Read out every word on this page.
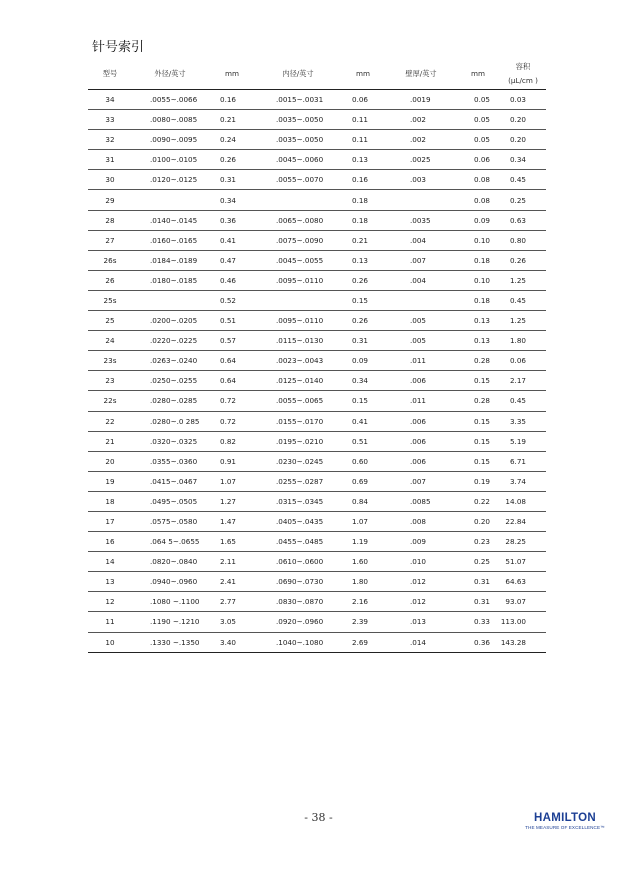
针号索引
型号	外径/英寸	mm	内径/英寸	mm	壁厚/英寸	mm	容积
(μL/cm )

34	.0055~.0066	0.16	.0015~.0031	0.06	.0019	0.05	0.03
33	.0080~.0085	0.21	.0035~.0050	0.11	.002	0.05	0.20
32	.0090~.0095	0.24	.0035~.0050	0.11	.002	0.05	0.20
31	.0100~.0105	0.26	.0045~.0060	0.13	.0025	0.06	0.34
30	.0120~.0125	0.31	.0055~.0070	0.16	.003	0.08	0.45
29		0.34		0.18		0.08	0.25
28	.0140~.0145	0.36	.0065~.0080	0.18	.0035	0.09	0.63
27	.0160~.0165	0.41	.0075~.0090	0.21	.004	0.10	0.80
26s	.0184~.0189	0.47	.0045~.0055	0.13	.007	0.18	0.26
26	.0180~.0185	0.46	.0095~.0110	0.26	.004	0.10	1.25
25s		0.52		0.15		0.18	0.45
25	.0200~.0205	0.51	.0095~.0110	0.26	.005	0.13	1.25
24	.0220~.0225	0.57	.0115~.0130	0.31	.005	0.13	1.80
23s	.0263~.0240	0.64	.0023~.0043	0.09	.011	0.28	0.06
23	.0250~.0255	0.64	.0125~.0140	0.34	.006	0.15	2.17
22s	.0280~.0285	0.72	.0055~.0065	0.15	.011	0.28	0.45
22	.0280~.0 285	0.72	.0155~.0170	0.41	.006	0.15	3.35
21	.0320~.0325	0.82	.0195~.0210	0.51	.006	0.15	5.19
20	.0355~.0360	0.91	.0230~.0245	0.60	.006	0.15	6.71
19	.0415~.0467	1.07	.0255~.0287	0.69	.007	0.19	3.74
18	.0495~.0505	1.27	.0315~.0345	0.84	.0085	0.22	14.08
17	.0575~.0580	1.47	.0405~.0435	1.07	.008	0.20	22.84
16	.064 5~.0655	1.65	.0455~.0485	1.19	.009	0.23	28.25
14	.0820~.0840	2.11	.0610~.0600	1.60	.010	0.25	51.07
13	.0940~.0960	2.41	.0690~.0730	1.80	.012	0.31	64.63
12	.1080 ~.1100	2.77	.0830~.0870	2.16	.012	0.31	93.07
11	.1190 ~.1210	3.05	.0920~.0960	2.39	.013	0.33	113.00
10	.1330 ~.1350	3.40	.1040~.1080	2.69	.014	0.36	143.28
- 38 -	HAMILTON
THE MEASURE OF EXCELLENCE™
